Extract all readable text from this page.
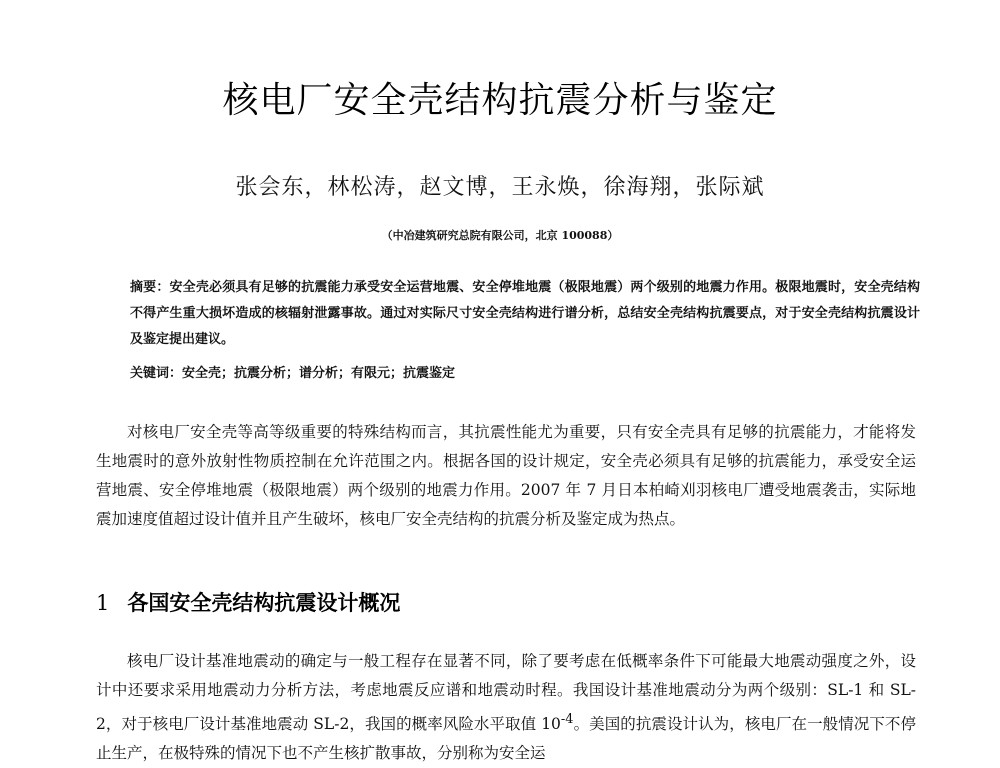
核电厂安全壳结构抗震分析与鉴定
张会东，林松涛，赵文博，王永焕，徐海翔，张际斌
（中冶建筑研究总院有限公司，北京 100088）
摘要：安全壳必须具有足够的抗震能力承受安全运营地震、安全停堆地震（极限地震）两个级别的地震力作用。极限地震时，安全壳结构不得产生重大损坏造成的核辐射泄露事故。通过对实际尺寸安全壳结构进行谱分析，总结安全壳结构抗震要点，对于安全壳结构抗震设计及鉴定提出建议。
关键词：安全壳；抗震分析；谱分析；有限元；抗震鉴定

对核电厂安全壳等高等级重要的特殊结构而言，其抗震性能尤为重要，只有安全壳具有足够的抗震能力，才能将发生地震时的意外放射性物质控制在允许范围之内。根据各国的设计规定，安全壳必须具有足够的抗震能力，承受安全运营地震、安全停堆地震（极限地震）两个级别的地震力作用。2007 年 7 月日本柏崎刈羽核电厂遭受地震袭击，实际地震加速度值超过设计值并且产生破坏，核电厂安全壳结构的抗震分析及鉴定成为热点。

1 各国安全壳结构抗震设计概况

核电厂设计基准地震动的确定与一般工程存在显著不同，除了要考虑在低概率条件下可能最大地震动强度之外，设计中还要求采用地震动力分析方法，考虑地震反应谱和地震动时程。我国设计基准地震动分为两个级别：SL-1 和 SL-2，对于核电厂设计基准地震动 SL-2，我国的概率风险水平取值 $10^{-4}$。美国的抗震设计认为，核电厂在一般情况下不停止生产，在极特殊的情况下也不产生核扩散事故，分别称为安全运
